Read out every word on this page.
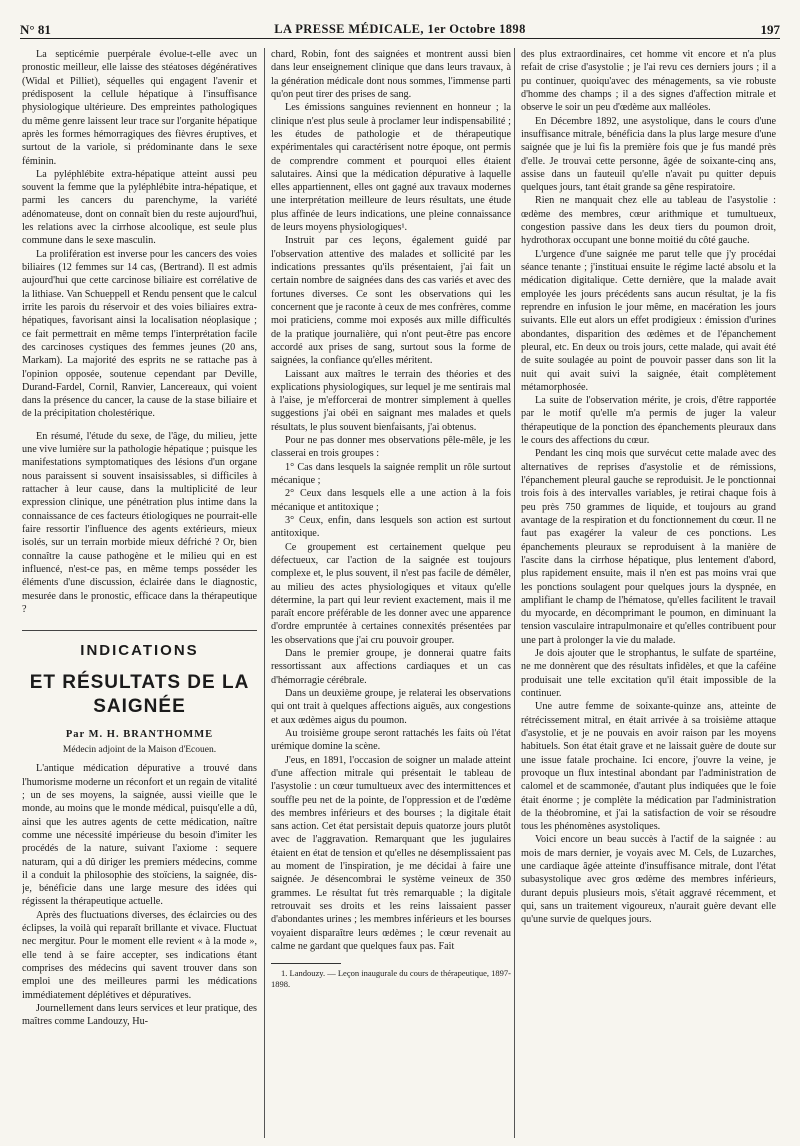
N° 81	LA PRESSE MÉDICALE, 1er Octobre 1898	197

La septicémie puerpérale évolue-t-elle avec un pronostic meilleur, elle laisse des stéatoses dégénératives (Widal et Pilliet), séquelles qui engagent l'avenir et prédisposent la cellule hépatique à l'insuffisance physiologique ultérieure. Des empreintes pathologiques du même genre laissent leur trace sur l'organite hépatique après les formes hémorragiques des fièvres éruptives, et surtout de la variole, si prédominante dans le sexe féminin.

La pyléphlébite extra-hépatique atteint aussi peu souvent la femme que la pyléphlébite intra-hépatique, et parmi les cancers du parenchyme, la variété adénomateuse, dont on connaît bien du reste aujourd'hui, les relations avec la cirrhose alcoolique, est seule plus commune dans le sexe masculin.

La prolifération est inverse pour les cancers des voies biliaires (12 femmes sur 14 cas, (Bertrand). Il est admis aujourd'hui que cette carcinose biliaire est corrélative de la lithiase. Van Schueppell et Rendu pensent que le calcul irrite les parois du réservoir et des voies biliaires extra-hépatiques, favorisant ainsi la localisation néoplasique ; ce fait permettrait en même temps l'interprétation facile des carcinoses cystiques des femmes jeunes (20 ans, Markam). La majorité des esprits ne se rattache pas à l'opinion opposée, soutenue cependant par Deville, Durand-Fardel, Cornil, Ranvier, Lancereaux, qui voient dans la présence du cancer, la cause de la stase biliaire et de la précipitation cholestérique.

En résumé, l'étude du sexe, de l'âge, du milieu, jette une vive lumière sur la pathologie hépatique ; puisque les manifestations symptomatiques des lésions d'un organe nous paraissent si souvent insaisissables, si difficiles à rattacher à leur cause, dans la multiplicité de leur expression clinique, une pénétration plus intime dans la connaissance de ces facteurs étiologiques ne pourrait-elle faire ressortir l'influence des agents extérieurs, mieux isolés, sur un terrain morbide mieux défriché ? Or, bien connaître la cause pathogène et le milieu qui en est influencé, n'est-ce pas, en même temps posséder les éléments d'une discussion, éclairée dans le diagnostic, mesurée dans le pronostic, efficace dans la thérapeutique ?

INDICATIONS
ET RÉSULTATS DE LA SAIGNÉE
Par M. H. BRANTHOMME
Médecin adjoint de la Maison d'Ecouen.

L'antique médication dépurative a trouvé dans l'humorisme moderne un réconfort et un regain de vitalité ; un de ses moyens, la saignée, aussi vieille que le monde, au moins que le monde médical, puisqu'elle a dû, ainsi que les autres agents de cette médication, naître comme une nécessité impérieuse du besoin d'imiter les procédés de la nature, suivant l'axiome : sequere naturam, qui a dû diriger les premiers médecins, comme il a conduit la philosophie des stoïciens, la saignée, dis-je, bénéficie dans une large mesure des idées qui régissent la thérapeutique actuelle.

Après des fluctuations diverses, des éclaircies ou des éclipses, la voilà qui reparaît brillante et vivace. Fluctuat nec mergitur. Pour le moment elle revient « à la mode », elle tend à se faire accepter, ses indications étant comprises des médecins qui savent trouver dans son emploi une des meilleures parmi les médications immédiatement déplétives et dépuratives.

Journellement dans leurs services et leur pratique, des maîtres comme Landouzy, Hu-

chard, Robin, font des saignées et montrent aussi bien dans leur enseignement clinique que dans leurs travaux, à la génération médicale dont nous sommes, l'immense parti qu'on peut tirer des prises de sang.

Les émissions sanguines reviennent en honneur ; la clinique n'est plus seule à proclamer leur indispensabilité ; les études de pathologie et de thérapeutique expérimentales qui caractérisent notre époque, ont permis de comprendre comment et pourquoi elles étaient salutaires. Ainsi que la médication dépurative à laquelle elles appartiennent, elles ont gagné aux travaux modernes une interprétation meilleure de leurs résultats, une étude plus affinée de leurs indications, une pleine connaissance de leurs moyens physiologiques¹.

Instruit par ces leçons, également guidé par l'observation attentive des malades et sollicité par les indications pressantes qu'ils présentaient, j'ai fait un certain nombre de saignées dans des cas variés et avec des fortunes diverses. Ce sont les observations qui les concernent que je raconte à ceux de mes confrères, comme moi praticiens, comme moi exposés aux mille difficultés de la pratique journalière, qui n'ont peut-être pas encore accordé aux prises de sang, surtout sous la forme de saignées, la confiance qu'elles méritent.

Laissant aux maîtres le terrain des théories et des explications physiologiques, sur lequel je me sentirais mal à l'aise, je m'efforcerai de montrer simplement à quelles suggestions j'ai obéi en saignant mes malades et quels résultats, le plus souvent bienfaisants, j'ai obtenus.

Pour ne pas donner mes observations pêle-mêle, je les classerai en trois groupes :

1° Cas dans lesquels la saignée remplit un rôle surtout mécanique ;

2° Ceux dans lesquels elle a une action à la fois mécanique et antitoxique ;

3° Ceux, enfin, dans lesquels son action est surtout antitoxique.

Ce groupement est certainement quelque peu défectueux, car l'action de la saignée est toujours complexe et, le plus souvent, il n'est pas facile de démêler, au milieu des actes physiologiques et vitaux qu'elle détermine, la part qui leur revient exactement, mais il me paraît encore préférable de les donner avec une apparence d'ordre empruntée à certaines connexités présentées par les observations que j'ai cru pouvoir grouper.

Dans le premier groupe, je donnerai quatre faits ressortissant aux affections cardiaques et un cas d'hémorragie cérébrale.

Dans un deuxième groupe, je relaterai les observations qui ont trait à quelques affections aiguës, aux congestions et aux œdèmes aigus du poumon.

Au troisième groupe seront rattachés les faits où l'état urémique domine la scène.

J'eus, en 1891, l'occasion de soigner un malade atteint d'une affection mitrale qui présentait le tableau de l'asystolie : un cœur tumultueux avec des intermittences et souffle peu net de la pointe, de l'oppression et de l'œdème des membres inférieurs et des bourses ; la digitale était sans action. Cet état persistait depuis quatorze jours plutôt avec de l'aggravation. Remarquant que les jugulaires étaient en état de tension et qu'elles ne désemplissaient pas au moment de l'inspiration, je me décidai à faire une saignée. Je désencombrai le système veineux de 350 grammes. Le résultat fut très remarquable ; la digitale retrouvait ses droits et les reins laissaient passer d'abondantes urines ; les membres inférieurs et les bourses voyaient disparaître leurs œdèmes ; le cœur revenait au calme ne gardant que quelques faux pas. Fait

1. Landouzy. — Leçon inaugurale du cours de thérapeutique, 1897-1898.

des plus extraordinaires, cet homme vit encore et n'a plus refait de crise d'asystolie ; je l'ai revu ces derniers jours ; il a pu continuer, quoiqu'avec des ménagements, sa vie robuste d'homme des champs ; il a des signes d'affection mitrale et observe le soir un peu d'œdème aux malléoles.

En Décembre 1892, une asystolique, dans le cours d'une insuffisance mitrale, bénéficia dans la plus large mesure d'une saignée que je lui fis la première fois que je fus mandé près d'elle. Je trouvai cette personne, âgée de soixante-cinq ans, assise dans un fauteuil qu'elle n'avait pu quitter depuis quelques jours, tant était grande sa gêne respiratoire.

Rien ne manquait chez elle au tableau de l'asystolie : œdème des membres, cœur arithmique et tumultueux, congestion passive dans les deux tiers du poumon droit, hydrothorax occupant une bonne moitié du côté gauche.

L'urgence d'une saignée me parut telle que j'y procédai séance tenante ; j'instituai ensuite le régime lacté absolu et la médication digitalique. Cette dernière, que la malade avait employée les jours précédents sans aucun résultat, je la fis reprendre en infusion le jour même, en macération les jours suivants. Elle eut alors un effet prodigieux : émission d'urines abondantes, disparition des œdèmes et de l'épanchement pleural, etc. En deux ou trois jours, cette malade, qui avait été de suite soulagée au point de pouvoir passer dans son lit la nuit qui avait suivi la saignée, était complètement métamorphosée.

La suite de l'observation mérite, je crois, d'être rapportée par le motif qu'elle m'a permis de juger la valeur thérapeutique de la ponction des épanchements pleuraux dans le cours des affections du cœur.

Pendant les cinq mois que survécut cette malade avec des alternatives de reprises d'asystolie et de rémissions, l'épanchement pleural gauche se reproduisit. Je le ponctionnai trois fois à des intervalles variables, je retirai chaque fois à peu près 750 grammes de liquide, et toujours au grand avantage de la respiration et du fonctionnement du cœur. Il ne faut pas exagérer la valeur de ces ponctions. Les épanchements pleuraux se reproduisent à la manière de l'ascite dans la cirrhose hépatique, plus lentement d'abord, plus rapidement ensuite, mais il n'en est pas moins vrai que les ponctions soulagent pour quelques jours la dyspnée, en amplifiant le champ de l'hématose, qu'elles facilitent le travail du myocarde, en décomprimant le poumon, en diminuant la tension vasculaire intrapulmonaire et qu'elles contribuent pour une part à prolonger la vie du malade.

Je dois ajouter que le strophantus, le sulfate de spartéine, ne me donnèrent que des résultats infidèles, et que la caféine produisait une telle excitation qu'il était impossible de la continuer.

Une autre femme de soixante-quinze ans, atteinte de rétrécissement mitral, en était arrivée à sa troisième attaque d'asystolie, et je ne pouvais en avoir raison par les moyens habituels. Son état était grave et ne laissait guère de doute sur une issue fatale prochaine. Ici encore, j'ouvre la veine, je provoque un flux intestinal abondant par l'administration de calomel et de scammonée, d'autant plus indiquées que le foie était énorme ; je complète la médication par l'administration de la théobromine, et j'ai la satisfaction de voir se résoudre tous les phénomènes asystoliques.

Voici encore un beau succès à l'actif de la saignée : au mois de mars dernier, je voyais avec M. Cels, de Luzarches, une cardiaque âgée atteinte d'insuffisance mitrale, dont l'état subasystolique avec gros œdème des membres inférieurs, durant depuis plusieurs mois, s'était aggravé récemment, et qui, sans un traitement vigoureux, n'aurait guère devant elle qu'une survie de quelques jours.
